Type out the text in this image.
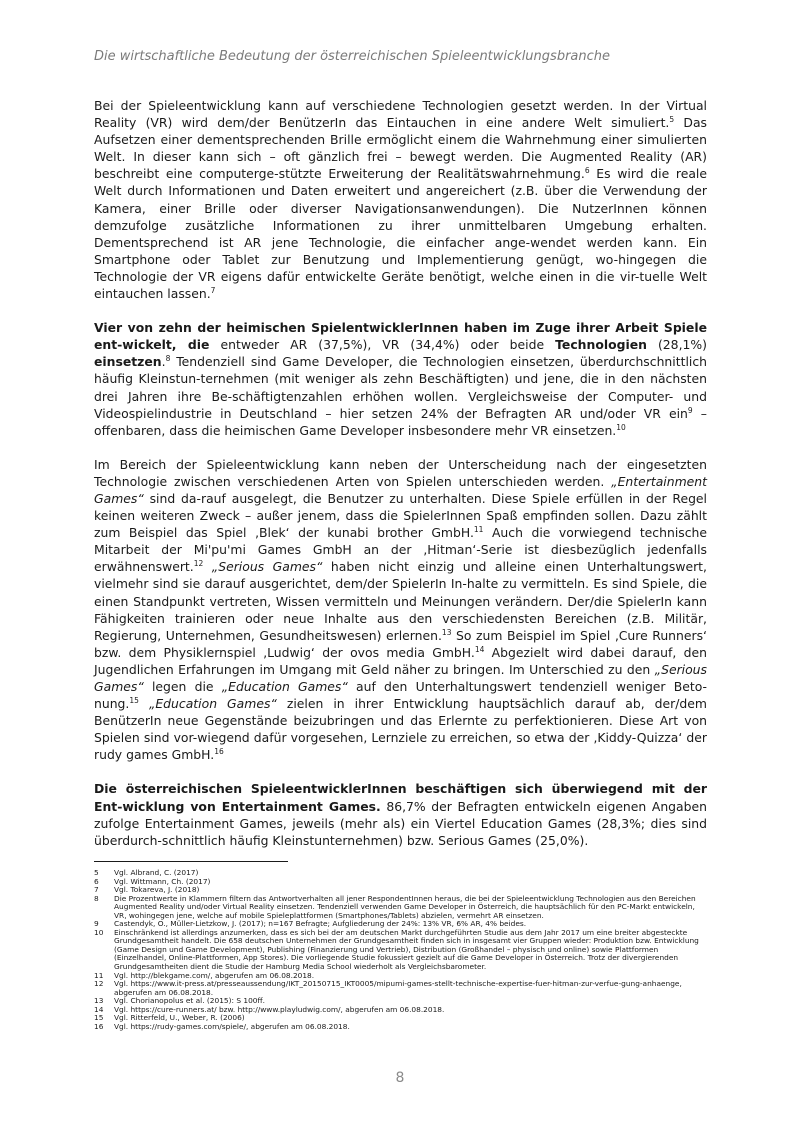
Die wirtschaftliche Bedeutung der österreichischen Spieleentwicklungsbranche
Bei der Spieleentwicklung kann auf verschiedene Technologien gesetzt werden. In der Virtual Reality (VR) wird dem/der BenützerIn das Eintauchen in eine andere Welt simuliert.$^5$ Das Aufsetzen einer dementsprechenden Brille ermöglicht einem die Wahrnehmung einer simulierten Welt. In dieser kann sich – oft gänzlich frei – bewegt werden. Die Augmented Reality (AR) beschreibt eine computerge-stützte Erweiterung der Realitätswahrnehmung.$^6$ Es wird die reale Welt durch Informationen und Daten erweitert und angereichert (z.B. über die Verwendung der Kamera, einer Brille oder diverser Navigationsanwendungen). Die NutzerInnen können demzufolge zusätzliche Informationen zu ihrer unmittelbaren Umgebung erhalten. Dementsprechend ist AR jene Technologie, die einfacher ange-wendet werden kann. Ein Smartphone oder Tablet zur Benutzung und Implementierung genügt, wo-hingegen die Technologie der VR eigens dafür entwickelte Geräte benötigt, welche einen in die vir-tuelle Welt eintauchen lassen.$^7$
Vier von zehn der heimischen SpielentwicklerInnen haben im Zuge ihrer Arbeit Spiele ent-wickelt, die entweder AR (37,5%), VR (34,4%) oder beide Technologien (28,1%) einsetzen.$^8$ Tendenziell sind Game Developer, die Technologien einsetzen, überdurchschnittlich häufig Kleinstun-ternehmen (mit weniger als zehn Beschäftigten) und jene, die in den nächsten drei Jahren ihre Be-schäftigtenzahlen erhöhen wollen. Vergleichsweise der Computer- und Videospielindustrie in Deutschland – hier setzen 24% der Befragten AR und/oder VR ein$^9$ – offenbaren, dass die heimischen Game Developer insbesondere mehr VR einsetzen.$^{10}$
Im Bereich der Spieleentwicklung kann neben der Unterscheidung nach der eingesetzten Technologie zwischen verschiedenen Arten von Spielen unterschieden werden. „Entertainment Games“ sind da-rauf ausgelegt, die Benutzer zu unterhalten. Diese Spiele erfüllen in der Regel keinen weiteren Zweck – außer jenem, dass die SpielerInnen Spaß empfinden sollen. Dazu zählt zum Beispiel das Spiel ‚Blek‘ der kunabi brother GmbH.$^{11}$ Auch die vorwiegend technische Mitarbeit der Mi'pu'mi Games GmbH an der ‚Hitman‘-Serie ist diesbezüglich jedenfalls erwähnenswert.$^{12}$ „Serious Games“ haben nicht einzig und alleine einen Unterhaltungswert, vielmehr sind sie darauf ausgerichtet, dem/der SpielerIn In-halte zu vermitteln. Es sind Spiele, die einen Standpunkt vertreten, Wissen vermitteln und Meinungen verändern. Der/die SpielerIn kann Fähigkeiten trainieren oder neue Inhalte aus den verschiedensten Bereichen (z.B. Militär, Regierung, Unternehmen, Gesundheitswesen) erlernen.$^{13}$ So zum Beispiel im Spiel ‚Cure Runners‘ bzw. dem Physiklernspiel ‚Ludwig‘ der ovos media GmbH.$^{14}$ Abgezielt wird dabei darauf, den Jugendlichen Erfahrungen im Umgang mit Geld näher zu bringen. Im Unterschied zu den „Serious Games“ legen die „Education Games“ auf den Unterhaltungswert tendenziell weniger Beto-nung.$^{15}$ „Education Games“ zielen in ihrer Entwicklung hauptsächlich darauf ab, der/dem BenützerIn neue Gegenstände beizubringen und das Erlernte zu perfektionieren. Diese Art von Spielen sind vor-wiegend dafür vorgesehen, Lernziele zu erreichen, so etwa der ‚Kiddy-Quizza‘ der rudy games GmbH.$^{16}$
Die österreichischen SpieleentwicklerInnen beschäftigen sich überwiegend mit der Ent-wicklung von Entertainment Games. 86,7% der Befragten entwickeln eigenen Angaben zufolge Entertainment Games, jeweils (mehr als) ein Viertel Education Games (28,3%; dies sind überdurch-schnittlich häufig Kleinstunternehmen) bzw. Serious Games (25,0%).
5	Vgl. Albrand, C. (2017)
6	Vgl. Wittmann, Ch. (2017)
7	Vgl. Tokareva, J. (2018)
8	Die Prozentwerte in Klammern filtern das Antwortverhalten all jener RespondentInnen heraus, die bei der Spieleentwicklung Technologien aus den Bereichen Augmented Reality und/oder Virtual Reality einsetzen. Tendenziell verwenden Game Developer in Österreich, die hauptsächlich für den PC-Markt entwickeln, VR, wohingegen jene, welche auf mobile Spieleplattformen (Smartphones/Tablets) abzielen, vermehrt AR einsetzen.
9	Castendyk, O., Müller-Lietzkow, J. (2017); n=167 Befragte; Aufgliederung der 24%: 13% VR, 6% AR, 4% beides.
10	Einschränkend ist allerdings anzumerken, dass es sich bei der am deutschen Markt durchgeführten Studie aus dem Jahr 2017 um eine breiter abgesteckte Grundgesamtheit handelt. Die 658 deutschen Unternehmen der Grundgesamtheit finden sich in insgesamt vier Gruppen wieder: Produktion bzw. Entwicklung (Game Design und Game Development), Publishing (Finanzierung und Vertrieb), Distribution (Großhandel – physisch und online) sowie Plattformen (Einzelhandel, Online-Plattformen, App Stores). Die vorliegende Studie fokussiert gezielt auf die Game Developer in Österreich. Trotz der divergierenden Grundgesamtheiten dient die Studie der Hamburg Media School wiederholt als Vergleichsbarometer.
11	Vgl. http://blekgame.com/, abgerufen am 06.08.2018.
12	Vgl. https://www.it-press.at/presseaussendung/IKT_20150715_IKT0005/mipumi-games-stellt-technische-expertise-fuer-hitman-zur-verfue-gung-anhaenge, abgerufen am 06.08.2018.
13	Vgl. Chorianopolus et al. (2015): S 100ff.
14	Vgl. https://cure-runners.at/ bzw. http://www.playludwig.com/, abgerufen am 06.08.2018.
15	Vgl. Ritterfeld, U., Weber, R. (2006)
16	Vgl. https://rudy-games.com/spiele/, abgerufen am 06.08.2018.
8
